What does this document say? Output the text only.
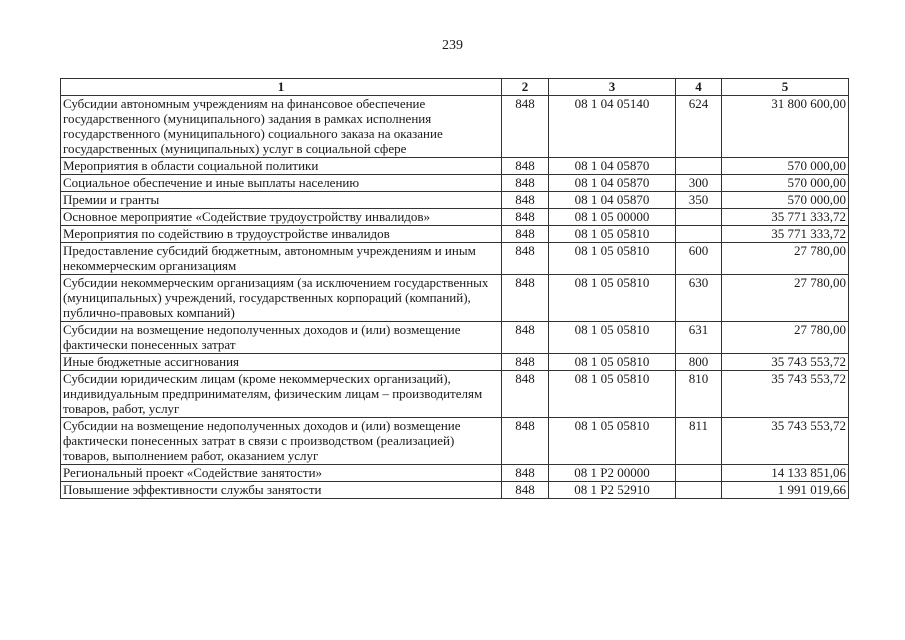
239
1	2	3	4	5
Субсидии автономным учреждениям на финансовое обеспечение государственного (муниципального) задания в рамках исполнения государственного (муниципального) социального заказа на оказание государственных (муниципальных) услуг в социальной сфере	848	08 1 04 05140	624	31 800 600,00
Мероприятия в области социальной политики	848	08 1 04 05870		570 000,00
Социальное обеспечение и иные выплаты населению	848	08 1 04 05870	300	570 000,00
Премии и гранты	848	08 1 04 05870	350	570 000,00
Основное мероприятие «Содействие трудоустройству инвалидов»	848	08 1 05 00000		35 771 333,72
Мероприятия по содействию в трудоустройстве инвалидов	848	08 1 05 05810		35 771 333,72
Предоставление субсидий бюджетным, автономным учреждениям и иным некоммерческим организациям	848	08 1 05 05810	600	27 780,00
Субсидии некоммерческим организациям (за исключением государственных (муниципальных) учреждений, государственных корпораций (компаний), публично-правовых компаний)	848	08 1 05 05810	630	27 780,00
Субсидии на возмещение недополученных доходов и (или) возмещение фактически понесенных затрат	848	08 1 05 05810	631	27 780,00
Иные бюджетные ассигнования	848	08 1 05 05810	800	35 743 553,72
Субсидии юридическим лицам (кроме некоммерческих организаций), индивидуальным предпринимателям, физическим лицам – производителям товаров, работ, услуг	848	08 1 05 05810	810	35 743 553,72
Субсидии на возмещение недополученных доходов и (или) возмещение фактически понесенных затрат в связи с производством (реализацией) товаров, выполнением работ, оказанием услуг	848	08 1 05 05810	811	35 743 553,72
Региональный проект «Содействие занятости»	848	08 1 P2 00000		14 133 851,06
Повышение эффективности службы занятости	848	08 1 P2 52910		1 991 019,66
